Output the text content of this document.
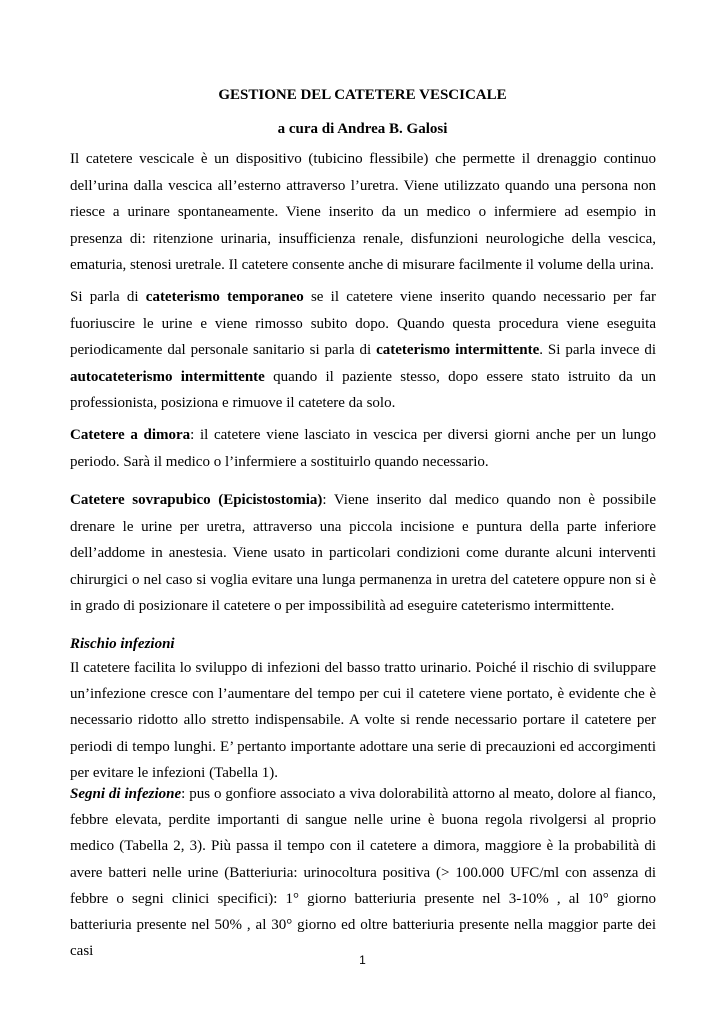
GESTIONE DEL CATETERE VESCICALE
a cura di Andrea B. Galosi
Il catetere vescicale è un dispositivo (tubicino flessibile) che permette il drenaggio continuo dell’urina dalla vescica all’esterno attraverso l’uretra. Viene utilizzato quando una persona non riesce a urinare spontaneamente. Viene inserito da un medico o infermiere ad esempio in presenza di: ritenzione urinaria, insufficienza renale, disfunzioni neurologiche della vescica, ematuria, stenosi uretrale. Il catetere consente anche di misurare facilmente il volume della urina.
Si parla di cateterismo temporaneo se il catetere viene inserito quando necessario per far fuoriuscire le urine e viene rimosso subito dopo. Quando questa procedura viene eseguita periodicamente dal personale sanitario si parla di cateterismo intermittente. Si parla invece di autocateterismo intermittente quando il paziente stesso, dopo essere stato istruito da un professionista, posiziona e rimuove il catetere da solo.
Catetere a dimora: il catetere viene lasciato in vescica per diversi giorni anche per un lungo periodo. Sarà il medico o l’infermiere a sostituirlo quando necessario.
Catetere sovrapubico (Epicistostomia): Viene inserito dal medico quando non è possibile drenare le urine per uretra, attraverso una piccola incisione e puntura della parte inferiore dell’addome in anestesia. Viene usato in particolari condizioni come durante alcuni interventi chirurgici o nel caso si voglia evitare una lunga permanenza in uretra del catetere oppure non si è in grado di posizionare il catetere o per impossibilità ad eseguire cateterismo intermittente.
Rischio infezioni
Il catetere facilita lo sviluppo di infezioni del basso tratto urinario. Poiché il rischio di sviluppare un’infezione cresce con l’aumentare del tempo per cui il catetere viene portato, è evidente che è necessario ridotto allo stretto indispensabile. A volte si rende necessario portare il catetere per periodi di tempo lunghi. E’ pertanto importante adottare una serie di precauzioni ed accorgimenti per evitare le infezioni (Tabella 1).
Segni di infezione: pus o gonfiore associato a viva dolorabilità attorno al meato, dolore al fianco, febbre elevata, perdite importanti di sangue nelle urine è buona regola rivolgersi al proprio medico (Tabella 2, 3). Più passa il tempo con il catetere a dimora, maggiore è la probabilità di avere batteri nelle urine (Batteriuria: urinocoltura positiva (> 100.000 UFC/ml con assenza di febbre o segni clinici specifici): 1° giorno batteriuria presente nel 3-10% , al 10° giorno batteriuria presente nel 50% , al 30° giorno ed oltre batteriuria presente nella maggior parte dei casi
1
